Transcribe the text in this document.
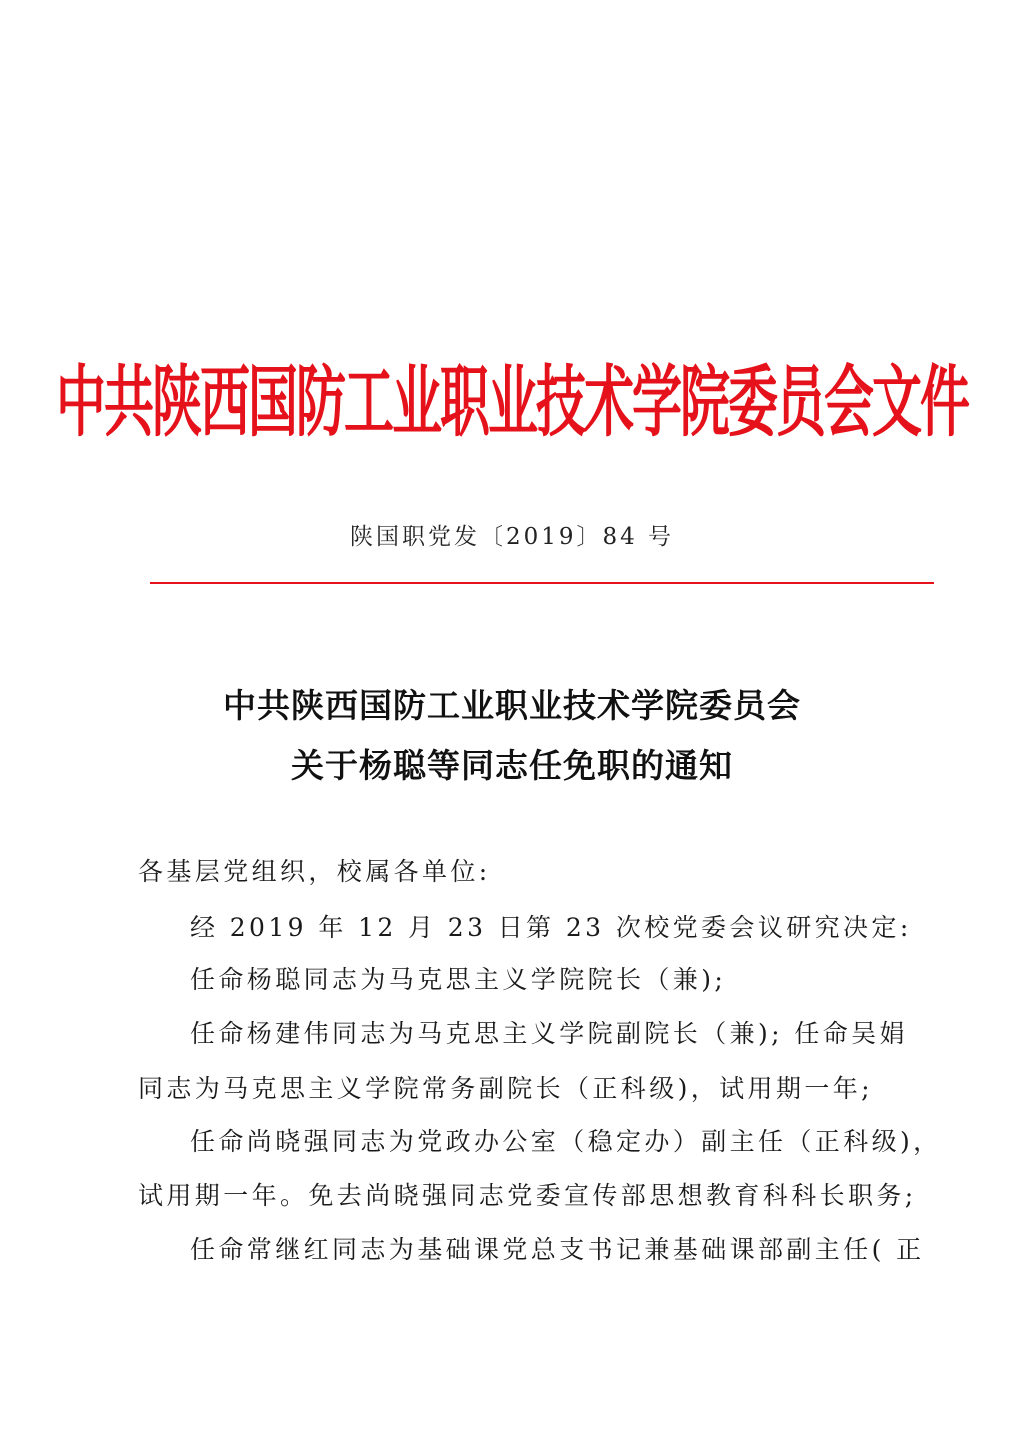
中共陕西国防工业职业技术学院委员会文件
陕国职党发〔2019〕84 号
中共陕西国防工业职业技术学院委员会
关于杨聪等同志任免职的通知
各基层党组织，校属各单位:
经 2019 年 12 月 23 日第 23 次校党委会议研究决定:
任命杨聪同志为马克思主义学院院长（兼);
任命杨建伟同志为马克思主义学院副院长（兼); 任命吴娟
同志为马克思主义学院常务副院长（正科级)，试用期一年;
任命尚晓强同志为党政办公室（稳定办）副主任（正科级)，
试用期一年。免去尚晓强同志党委宣传部思想教育科科长职务;
任命常继红同志为基础课党总支书记兼基础课部副主任( 正
